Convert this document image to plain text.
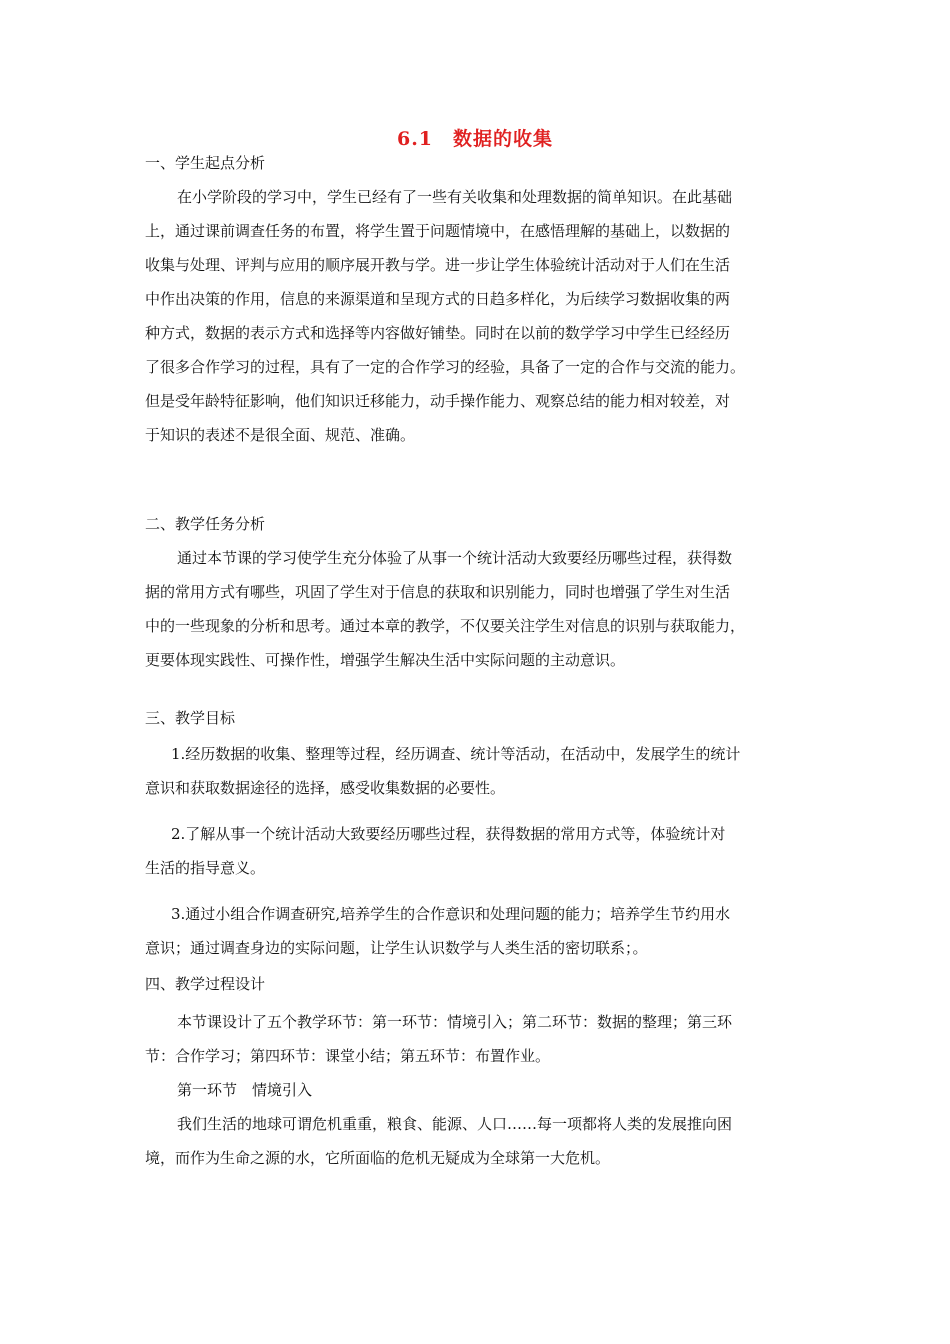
6.1　数据的收集
一、学生起点分析
在小学阶段的学习中，学生已经有了一些有关收集和处理数据的简单知识。在此基础
上，通过课前调查任务的布置，将学生置于问题情境中，在感悟理解的基础上，以数据的
收集与处理、评判与应用的顺序展开教与学。进一步让学生体验统计活动对于人们在生活
中作出决策的作用，信息的来源渠道和呈现方式的日趋多样化，为后续学习数据收集的两
种方式，数据的表示方式和选择等内容做好铺垫。同时在以前的数学学习中学生已经经历
了很多合作学习的过程，具有了一定的合作学习的经验，具备了一定的合作与交流的能力。
但是受年龄特征影响，他们知识迁移能力，动手操作能力、观察总结的能力相对较差，对
于知识的表述不是很全面、规范、准确。
二、教学任务分析
通过本节课的学习使学生充分体验了从事一个统计活动大致要经历哪些过程，获得数
据的常用方式有哪些，巩固了学生对于信息的获取和识别能力，同时也增强了学生对生活
中的一些现象的分析和思考。通过本章的教学，不仅要关注学生对信息的识别与获取能力，
更要体现实践性、可操作性，增强学生解决生活中实际问题的主动意识。
三、教学目标
1.经历数据的收集、整理等过程，经历调查、统计等活动，在活动中，发展学生的统计
意识和获取数据途径的选择，感受收集数据的必要性。
2.了解从事一个统计活动大致要经历哪些过程，获得数据的常用方式等，体验统计对
生活的指导意义。
3.通过小组合作调查研究,培养学生的合作意识和处理问题的能力；培养学生节约用水
意识；通过调查身边的实际问题，让学生认识数学与人类生活的密切联系；。
四、教学过程设计
本节课设计了五个教学环节：第一环节：情境引入；第二环节：数据的整理；第三环
节：合作学习；第四环节：课堂小结；第五环节：布置作业。
第一环节　情境引入
我们生活的地球可谓危机重重，粮食、能源、人口……每一项都将人类的发展推向困
境，而作为生命之源的水，它所面临的危机无疑成为全球第一大危机。
